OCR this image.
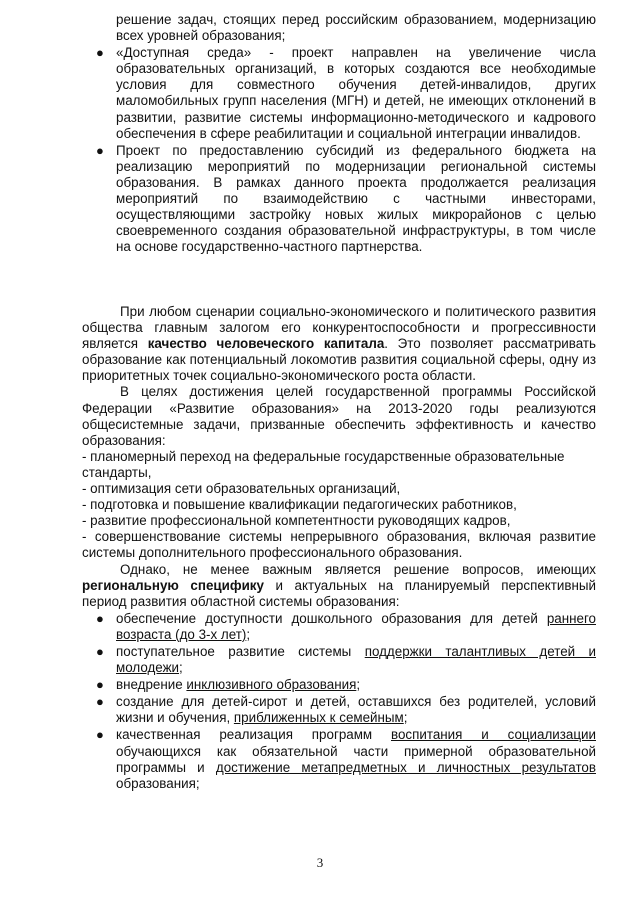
решение задач, стоящих перед российским образованием, модернизацию всех уровней образования;
● «Доступная среда» - проект направлен на увеличение числа образовательных организаций, в которых создаются все необходимые условия для совместного обучения детей-инвалидов, других маломобильных групп населения (МГН) и детей, не имеющих отклонений в развитии, развитие системы информационно-методического и кадрового обеспечения в сфере реабилитации и социальной интеграции инвалидов.
● Проект по предоставлению субсидий из федерального бюджета на реализацию мероприятий по модернизации региональной системы образования. В рамках данного проекта продолжается реализация мероприятий по взаимодействию с частными инвесторами, осуществляющими застройку новых жилых микрорайонов с целью своевременного создания образовательной инфраструктуры, в том числе на основе государственно-частного партнерства.
При любом сценарии социально-экономического и политического развития общества главным залогом его конкурентоспособности и прогрессивности является качество человеческого капитала. Это позволяет рассматривать образование как потенциальный локомотив развития социальной сферы, одну из приоритетных точек социально-экономического роста области.
В целях достижения целей государственной программы Российской Федерации «Развитие образования» на 2013-2020 годы реализуются общесистемные задачи, призванные обеспечить эффективность и качество образования:
- планомерный переход на федеральные государственные образовательные стандарты,
- оптимизация сети образовательных организаций,
- подготовка и повышение квалификации педагогических работников,
- развитие профессиональной компетентности руководящих кадров,
- совершенствование системы непрерывного образования, включая развитие системы дополнительного профессионального образования.
Однако, не менее важным является решение вопросов, имеющих региональную специфику и актуальных на планируемый перспективный период развития областной системы образования:
● обеспечение доступности дошкольного образования для детей раннего возраста (до 3-х лет);
● поступательное развитие системы поддержки талантливых детей и молодежи;
● внедрение инклюзивного образования;
● создание для детей-сирот и детей, оставшихся без родителей, условий жизни и обучения, приближенных к семейным;
● качественная реализация программ воспитания и социализации обучающихся как обязательной части примерной образовательной программы и достижение метапредметных и личностных результатов образования;
3
